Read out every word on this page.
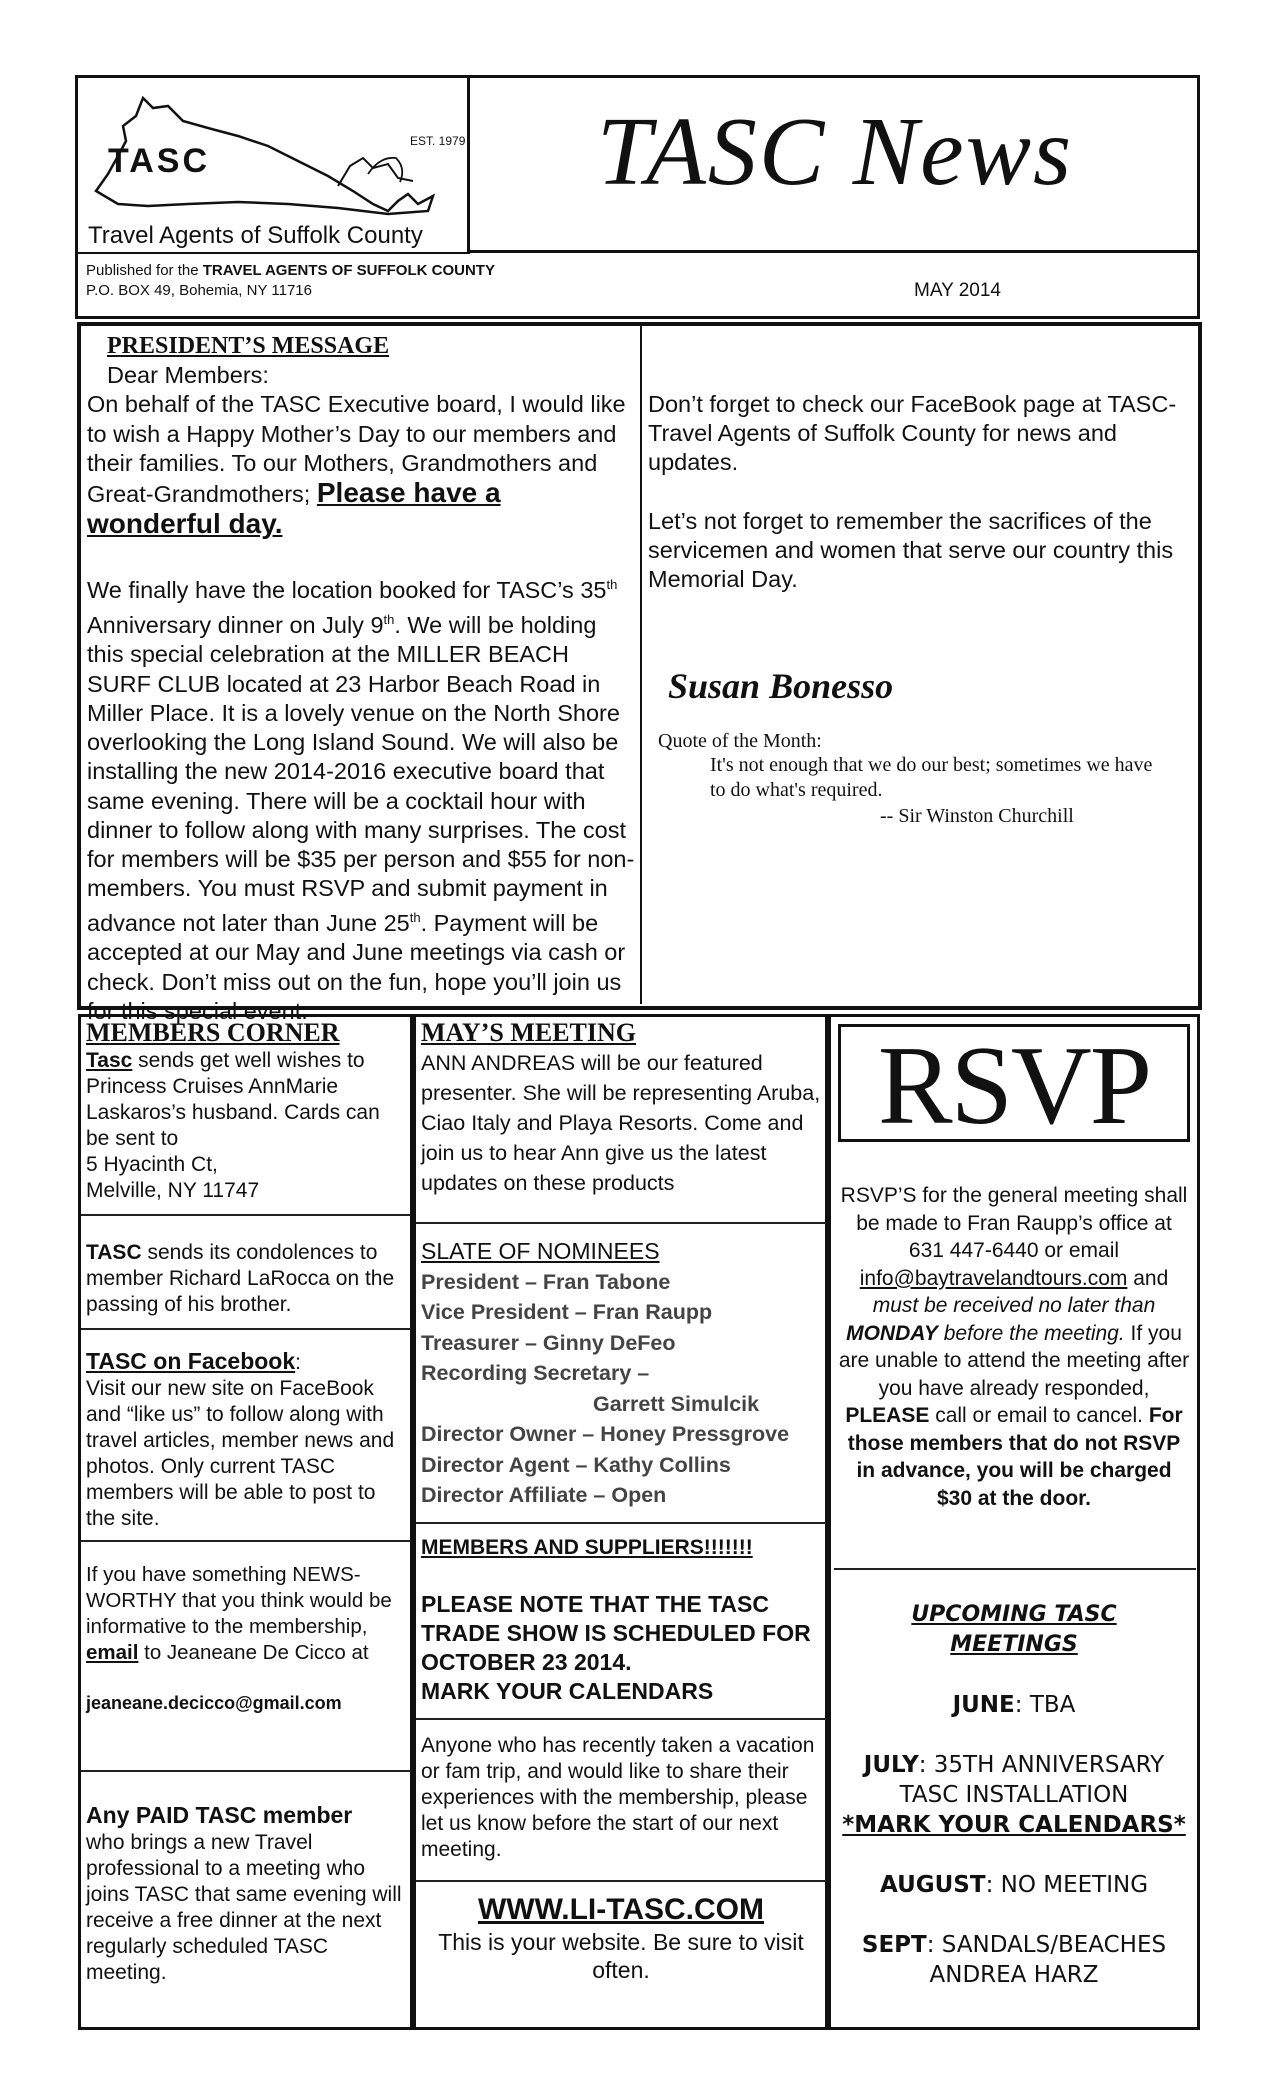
TASC
EST. 1979
Travel Agents of Suffolk County
TASC News
Published for the TRAVEL AGENTS OF SUFFOLK COUNTY
P.O. BOX 49, Bohemia, NY 11716	MAY 2014

PRESIDENT’S MESSAGE

Dear Members:

On behalf of the TASC Executive board, I would like to wish a Happy Mother’s Day to our members and their families. To our Mothers, Grandmothers and Great-Grandmothers; Please have a wonderful day.

We finally have the location booked for TASC’s 35th Anniversary dinner on July 9th. We will be holding this special celebration at the MILLER BEACH SURF CLUB located at 23 Harbor Beach Road in Miller Place. It is a lovely venue on the North Shore overlooking the Long Island Sound. We will also be installing the new 2014-2016 executive board that same evening. There will be a cocktail hour with dinner to follow along with many surprises. The cost for members will be $35 per person and $55 for non-members. You must RSVP and submit payment in advance not later than June 25th. Payment will be accepted at our May and June meetings via cash or check. Don’t miss out on the fun, hope you’ll join us for this special event.

Don’t forget to check our FaceBook page at TASC-Travel Agents of Suffolk County for news and updates.

Let’s not forget to remember the sacrifices of the servicemen and women that serve our country this Memorial Day.

Susan Bonesso

Quote of the Month:

It's not enough that we do our best; sometimes we have to do what's required.

-- Sir Winston Churchill

MEMBERS CORNER

Tasc sends get well wishes to Princess Cruises AnnMarie Laskaros’s husband. Cards can be sent to

5 Hyacinth Ct,

Melville, NY 11747

TASC sends its condolences to member Richard LaRocca on the passing of his brother.

TASC on Facebook:

Visit our new site on FaceBook and “like us” to follow along with travel articles, member news and photos. Only current TASC members will be able to post to the site.

If you have something NEWS-WORTHY that you think would be informative to the membership, email to Jeaneane De Cicco at

jeaneane.decicco@gmail.com

Any PAID TASC member

who brings a new Travel professional to a meeting who joins TASC that same evening will receive a free dinner at the next regularly scheduled TASC meeting.

MAY’S MEETING

ANN ANDREAS will be our featured presenter. She will be representing Aruba, Ciao Italy and Playa Resorts. Come and join us to hear Ann give us the latest updates on these products

SLATE OF NOMINEES

President – Fran Tabone

Vice President – Fran Raupp

Treasurer – Ginny DeFeo

Recording Secretary –

Garrett Simulcik

Director Owner – Honey Pressgrove

Director Agent – Kathy Collins

Director Affiliate – Open

MEMBERS AND SUPPLIERS!!!!!!!

PLEASE NOTE THAT THE TASC TRADE SHOW IS SCHEDULED FOR OCTOBER 23 2014.

MARK YOUR CALENDARS

Anyone who has recently taken a vacation or fam trip, and would like to share their experiences with the membership, please let us know before the start of our next meeting.

WWW.LI-TASC.COM

This is your website. Be sure to visit often.

RSVP

RSVP’S for the general meeting shall be made to Fran Raupp’s office at 631 447-6440 or email info@baytravelandtours.com and must be received no later than MONDAY before the meeting. If you are unable to attend the meeting after you have already responded, PLEASE call or email to cancel. For those members that do not RSVP in advance, you will be charged $30 at the door.

UPCOMING TASC MEETINGS

JUNE: TBA

JULY: 35TH ANNIVERSARY TASC INSTALLATION

*MARK YOUR CALENDARS*

AUGUST: NO MEETING

SEPT: SANDALS/BEACHES ANDREA HARZ
